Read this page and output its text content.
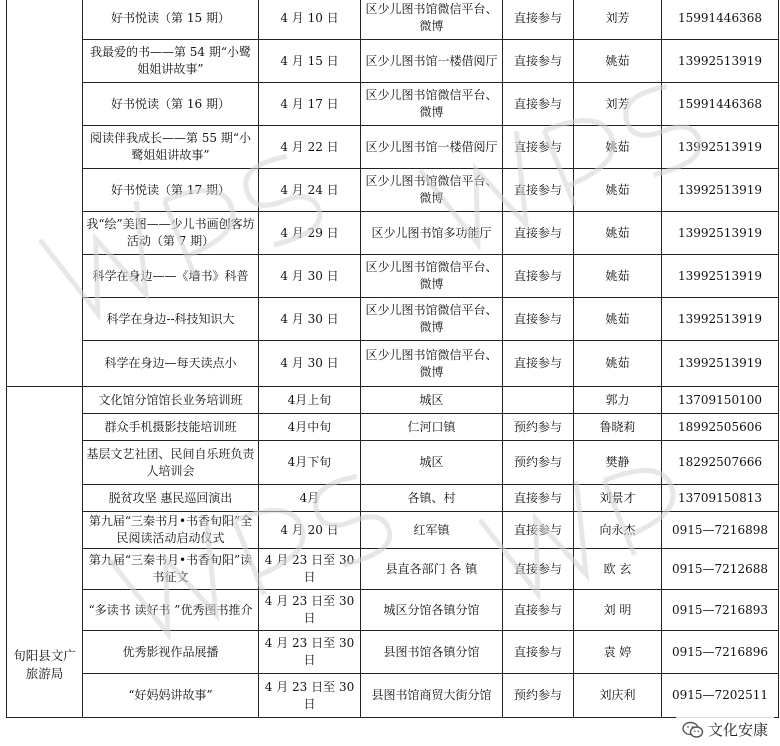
	好书悦读（第 15 期）	4 月 10 日	区少儿图书馆微信平台、微博	直接参与	刘芳	15991446368
	我最爱的书——第 54 期“小鹭姐姐讲故事”	4 月 15 日	区少儿图书馆一楼借阅厅	直接参与	姚茹	13992513919
	好书悦读（第 16 期）	4 月 17 日	区少儿图书馆微信平台、微博	直接参与	刘芳	15991446368
	阅读伴我成长——第 55 期“小鹭姐姐讲故事”	4 月 22 日	区少儿图书馆一楼借阅厅	直接参与	姚茹	13992513919
	好书悦读（第 17 期）	4 月 24 日	区少儿图书馆微信平台、微博	直接参与	姚茹	13992513919
	我“绘”美图——少儿书画创客坊活动（第 7 期）	4 月 29 日	区少儿图书馆多功能厅	直接参与	姚茹	13992513919
	科学在身边——《墙书》科普	4 月 30 日	区少儿图书馆微信平台、微博	直接参与	姚茹	13992513919
	科学在身边--科技知识大	4 月 30 日	区少儿图书馆微信平台、微博	直接参与	姚茹	13992513919
	科学在身边—每天读点小	4 月 30 日	区少儿图书馆微信平台、微博	直接参与	姚茹	13992513919
旬阳县文广旅游局	文化馆分馆馆长业务培训班	4月上旬	城区		郭力	13709150100
	群众手机摄影技能培训班	4月中旬	仁河口镇	预约参与	鲁晓莉	18992505606
	基层文艺社团、民间自乐班负责人培训会	4月下旬	城区	预约参与	樊静	18292507666
	脱贫攻坚 惠民巡回演出	4月	各镇、村	直接参与	刘景才	13709150813
	第九届“三秦书月•书香旬阳”全民阅读活动启动仪式	4 月 20 日	红军镇	直接参与	向永杰	0915—7216898
	第九届“三秦书月•书香旬阳”读书征文	4 月 23 日至 30 日	县直各部门 各 镇	直接参与	欧 玄	0915—7212688
	“多读书 读好书 ”优秀图书推介	4 月 23 日至 30 日	城区分馆各镇分馆	直接参与	刘 明	0915—7216893
	优秀影视作品展播	4 月 23 日至 30 日	县图书馆各镇分馆	直接参与	袁 婷	0915—7216896
	“好妈妈讲故事”	4 月 23 日至 30 日	县图书馆商贸大街分馆	预约参与	刘庆利	0915—7202511
文化安康
